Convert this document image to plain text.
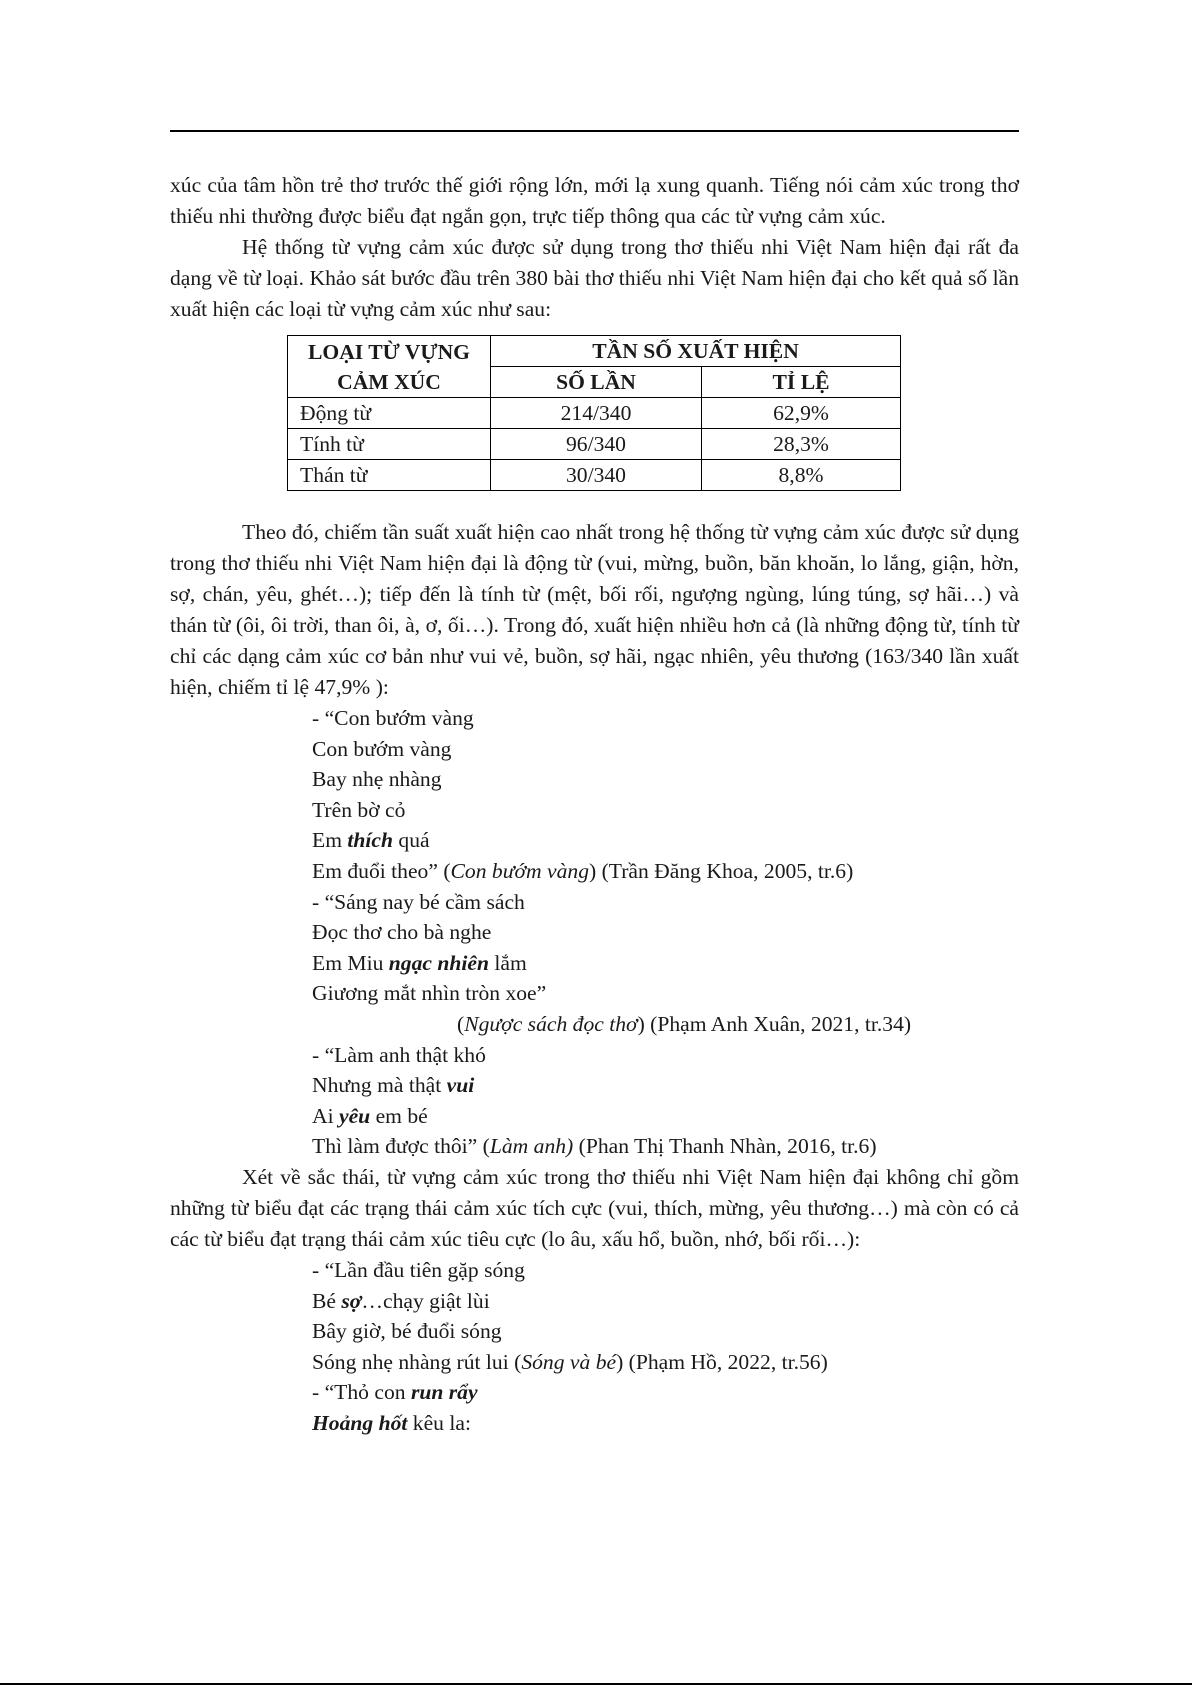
xúc của tâm hồn trẻ thơ trước thế giới rộng lớn, mới lạ xung quanh. Tiếng nói cảm xúc trong thơ thiếu nhi thường được biểu đạt ngắn gọn, trực tiếp thông qua các từ vựng cảm xúc.

Hệ thống từ vựng cảm xúc được sử dụng trong thơ thiếu nhi Việt Nam hiện đại rất đa dạng về từ loại. Khảo sát bước đầu trên 380 bài thơ thiếu nhi Việt Nam hiện đại cho kết quả số lần xuất hiện các loại từ vựng cảm xúc như sau:

LOẠI TỪ VỰNG CẢM XÚC	TẦN SỐ XUẤT HIỆN	
	SỐ LẦN	TỈ LỆ
Động từ	214/340	62,9%
Tính từ	96/340	28,3%
Thán từ	30/340	8,8%

Theo đó, chiếm tần suất xuất hiện cao nhất trong hệ thống từ vựng cảm xúc được sử dụng trong thơ thiếu nhi Việt Nam hiện đại là động từ (vui, mừng, buồn, băn khoăn, lo lắng, giận, hờn, sợ, chán, yêu, ghét…); tiếp đến là tính từ (mệt, bối rối, ngượng ngùng, lúng túng, sợ hãi…) và thán từ (ôi, ôi trời, than ôi, à, ơ, ối…). Trong đó, xuất hiện nhiều hơn cả (là những động từ, tính từ chỉ các dạng cảm xúc cơ bản như vui vẻ, buồn, sợ hãi, ngạc nhiên, yêu thương (163/340 lần xuất hiện, chiếm tỉ lệ 47,9% ):

- “Con bướm vàng
Con bướm vàng
Bay nhẹ nhàng
Trên bờ cỏ
Em thích quá
Em đuổi theo” (Con bướm vàng) (Trần Đăng Khoa, 2005, tr.6)
- “Sáng nay bé cầm sách
Đọc thơ cho bà nghe
Em Miu ngạc nhiên lắm
Giương mắt nhìn tròn xoe”
(Ngược sách đọc thơ) (Phạm Anh Xuân, 2021, tr.34)
- “Làm anh thật khó
Nhưng mà thật vui
Ai yêu em bé
Thì làm được thôi” (Làm anh) (Phan Thị Thanh Nhàn, 2016, tr.6)

Xét về sắc thái, từ vựng cảm xúc trong thơ thiếu nhi Việt Nam hiện đại không chỉ gồm những từ biểu đạt các trạng thái cảm xúc tích cực (vui, thích, mừng, yêu thương…) mà còn có cả các từ biểu đạt trạng thái cảm xúc tiêu cực (lo âu, xấu hổ, buồn, nhớ, bối rối…):

- “Lần đầu tiên gặp sóng
Bé sợ…chạy giật lùi
Bây giờ, bé đuổi sóng
Sóng nhẹ nhàng rút lui (Sóng và bé) (Phạm Hồ, 2022, tr.56)
- “Thỏ con run rẩy
Hoảng hốt kêu la:
